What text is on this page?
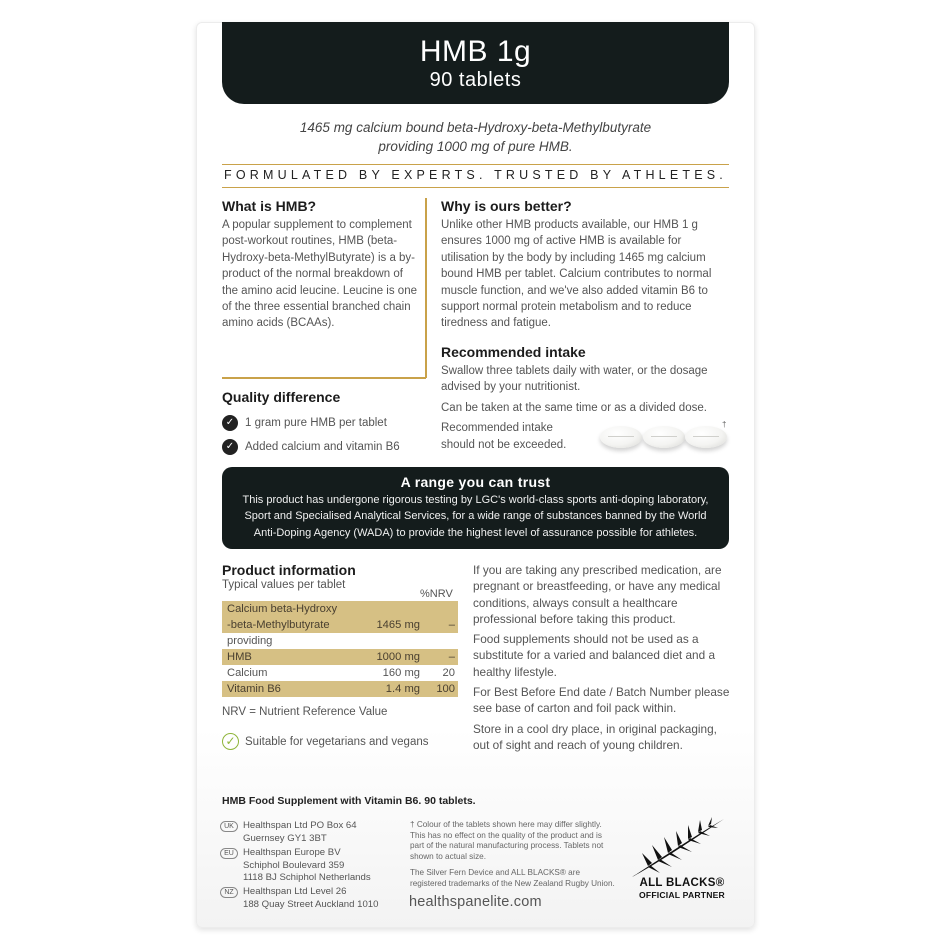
HMB 1g
90 tablets
1465 mg calcium bound beta-Hydroxy-beta-Methylbutyrate
providing 1000 mg of pure HMB.
FORMULATED BY EXPERTS. TRUSTED BY ATHLETES.
What is HMB?

A popular supplement to complement post-workout routines, HMB (beta-Hydroxy-beta-MethylButyrate) is a by-product of the normal breakdown of the amino acid leucine. Leucine is one of the three essential branched chain amino acids (BCAAs).

Why is ours better?

Unlike other HMB products available, our HMB 1 g ensures 1000 mg of active HMB is available for utilisation by the body by including 1465 mg calcium bound HMB per tablet. Calcium contributes to normal muscle function, and we've also added vitamin B6 to support normal protein metabolism and to reduce tiredness and fatigue.

Quality difference
✓ 1 gram pure HMB per tablet
✓ Added calcium and vitamin B6
Recommended intake

Swallow three tablets daily with water, or the dosage advised by your nutritionist.

Can be taken at the same time or as a divided dose.

Recommended intake

should not be exceeded.

†
A range you can trust
This product has undergone rigorous testing by LGC's world-class sports anti-doping laboratory,
Sport and Specialised Analytical Services, for a wide range of substances banned by the World
Anti-Doping Agency (WADA) to provide the highest level of assurance possible for athletes.
Product information
Typical values per tablet
%NRV
Calcium beta-Hydroxy
-beta-Methylbutyrate	1465 mg	–
providing
HMB	1000 mg	–
Calcium	160 mg	20
Vitamin B6	1.4 mg	100
NRV = Nutrient Reference Value
✓ Suitable for vegetarians and vegans

If you are taking any prescribed medication, are pregnant or breastfeeding, or have any medical conditions, always consult a healthcare professional before taking this product.

Food supplements should not be used as a substitute for a varied and balanced diet and a healthy lifestyle.

For Best Before End date / Batch Number please see base of carton and foil pack within.

Store in a cool dry place, in original packaging, out of sight and reach of young children.

HMB Food Supplement with Vitamin B6. 90 tablets.
UK Healthspan Ltd PO Box 64
Guernsey GY1 3BT
EU Healthspan Europe BV
Schiphol Boulevard 359
1118 BJ Schiphol Netherlands
NZ Healthspan Ltd Level 26
188 Quay Street Auckland 1010
† Colour of the tablets shown here may differ slightly. This has no effect on the quality of the product and is part of the natural manufacturing process. Tablets not shown to actual size.
The Silver Fern Device and ALL BLACKS® are registered trademarks of the New Zealand Rugby Union.
healthspanelite.com
ALL BLACKS®
OFFICIAL PARTNER
